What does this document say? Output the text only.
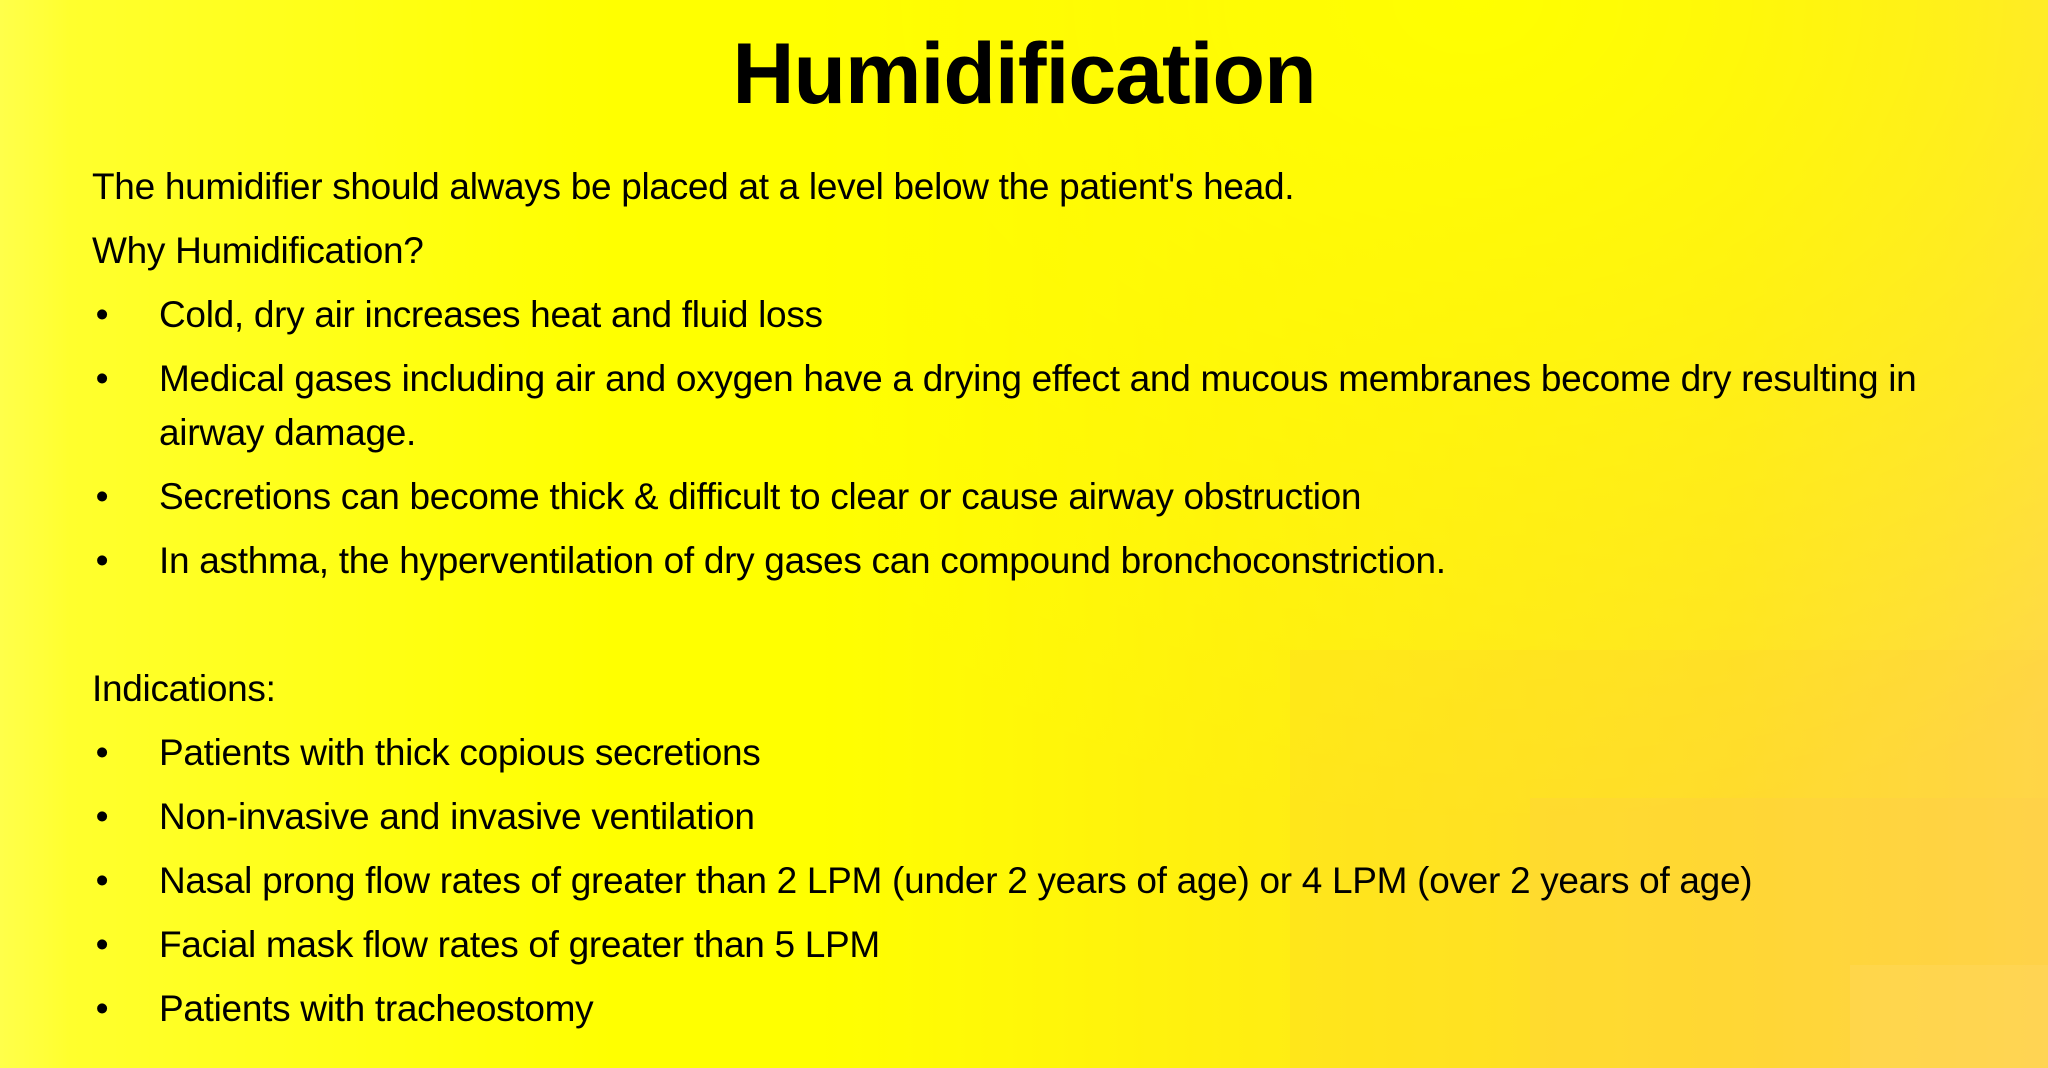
Humidification

The humidifier should always be placed at a level below the patient's head.

Why Humidification?

• Cold, dry air increases heat and fluid loss
• Medical gases including air and oxygen have a drying effect and mucous membranes become dry resulting in airway damage.
• Secretions can become thick & difficult to clear or cause airway obstruction
• In asthma, the hyperventilation of dry gases can compound bronchoconstriction.

Indications:

• Patients with thick copious secretions
• Non-invasive and invasive ventilation
• Nasal prong flow rates of greater than 2 LPM (under 2 years of age) or 4 LPM (over 2 years of age)
• Facial mask flow rates of greater than 5 LPM
• Patients with tracheostomy
